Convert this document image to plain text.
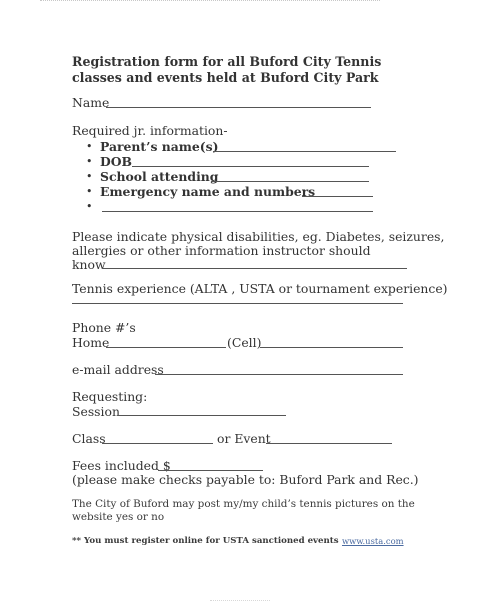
Registration form for all Buford City Tennis classes and events held at Buford City Park
Name
Required jr. information-
• Parent’s name(s)
• DOB
• School attending
• Emergency name and numbers
•
Please indicate physical disabilities, eg. Diabetes, seizures,
allergies or other information instructor should
know
Tennis experience (ALTA , USTA or tournament experience)
Phone #’s
Home	(Cell)
e-mail address
Requesting:
Session
Class	or Event
Fees included $
(please make checks payable to: Buford Park and Rec.)
The City of Buford may post my/my child’s tennis pictures on the
website yes or no
** You must register online for USTA sanctioned events www.usta.com
